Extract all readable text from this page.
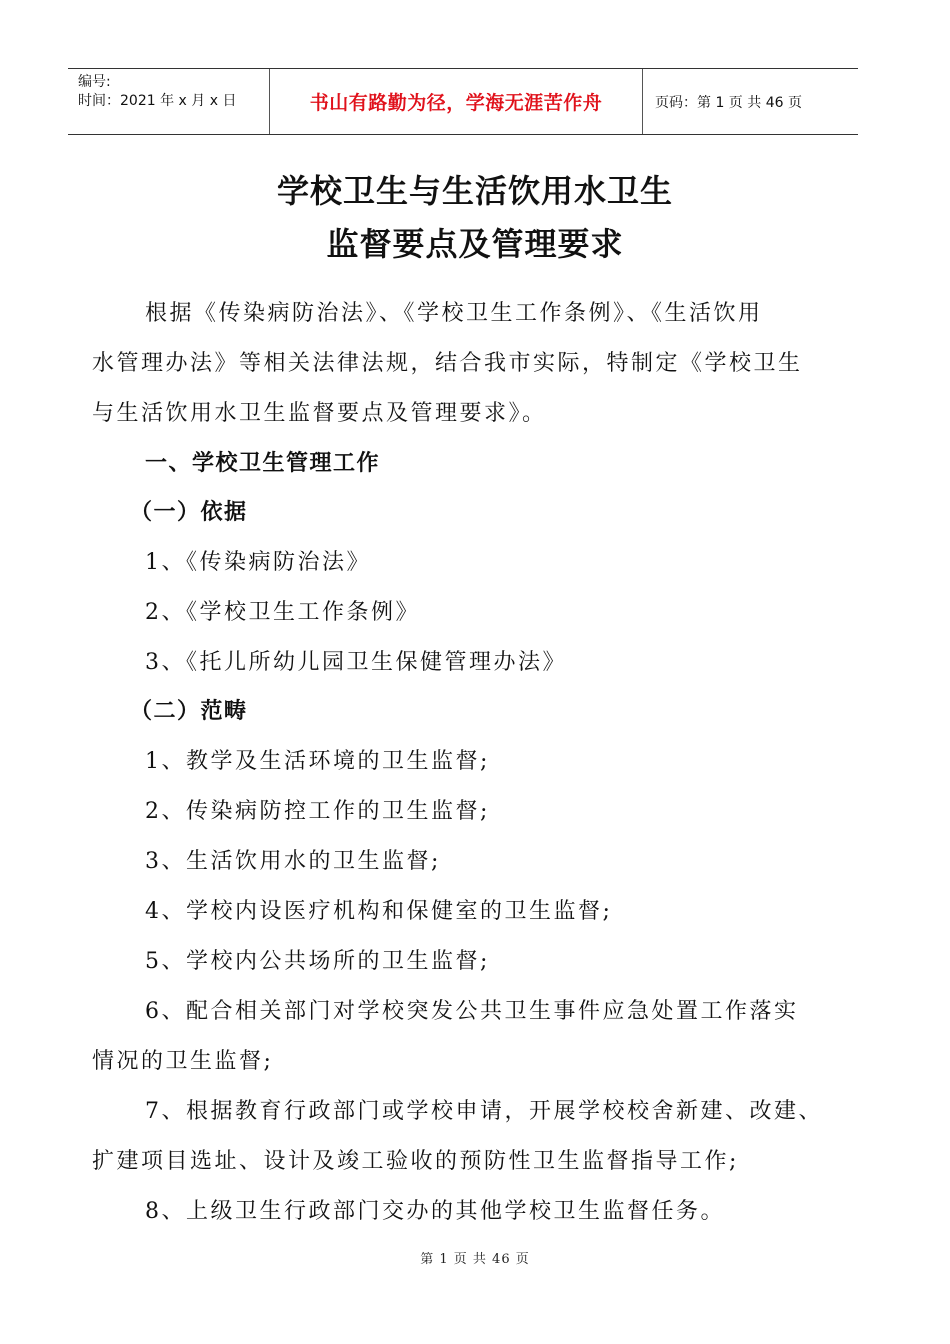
编号:
时间：2021 年 x 月 x 日	书山有路勤为径，学海无涯苦作舟	页码：第 1 页 共 46 页
学校卫生与生活饮用水卫生
监督要点及管理要求
根据《传染病防治法》、《学校卫生工作条例》、《生活饮用
水管理办法》等相关法律法规，结合我市实际，特制定《学校卫生
与生活饮用水卫生监督要点及管理要求》。
一、学校卫生管理工作
（一）依据
1、《传染病防治法》
2、《学校卫生工作条例》
3、《托儿所幼儿园卫生保健管理办法》
（二）范畴
1、教学及生活环境的卫生监督;
2、传染病防控工作的卫生监督;
3、生活饮用水的卫生监督;
4、学校内设医疗机构和保健室的卫生监督;
5、学校内公共场所的卫生监督;
6、配合相关部门对学校突发公共卫生事件应急处置工作落实
情况的卫生监督;
7、根据教育行政部门或学校申请，开展学校校舍新建、改建、
扩建项目选址、设计及竣工验收的预防性卫生监督指导工作;
8、上级卫生行政部门交办的其他学校卫生监督任务。
第 1 页 共 46 页
